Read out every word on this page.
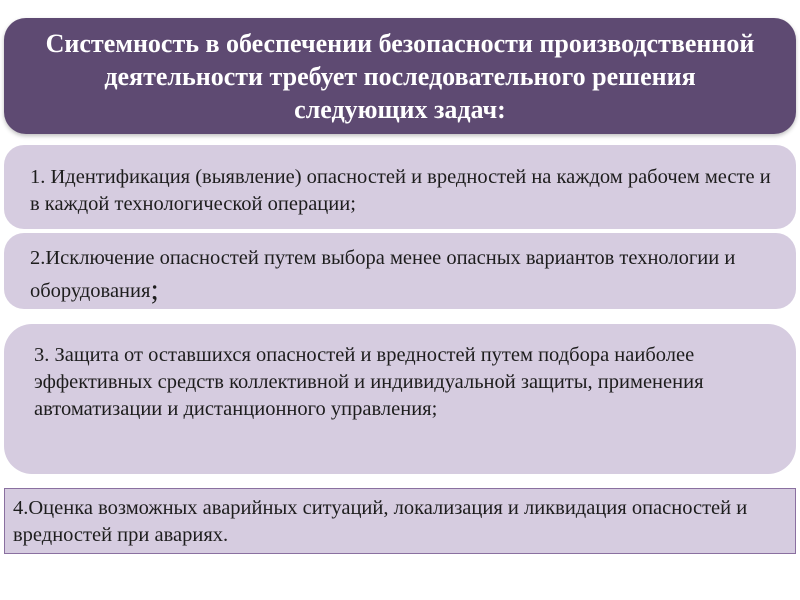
Системность в обеспечении безопасности производственной деятельности требует последовательного решения следующих задач:
1. Идентификация (выявление) опасностей и вредностей на каждом рабочем месте и в каждой технологической операции;
2.Исключение опасностей путем выбора менее опасных вариантов технологии и оборудования;
3. Защита от оставшихся опасностей и вредностей путем подбора наиболее эффективных средств коллективной и индивидуальной защиты, применения автоматизации и дистанционного управления;
4.Оценка возможных аварийных ситуаций, локализация и ликвидация опасностей и вредностей при авариях.
